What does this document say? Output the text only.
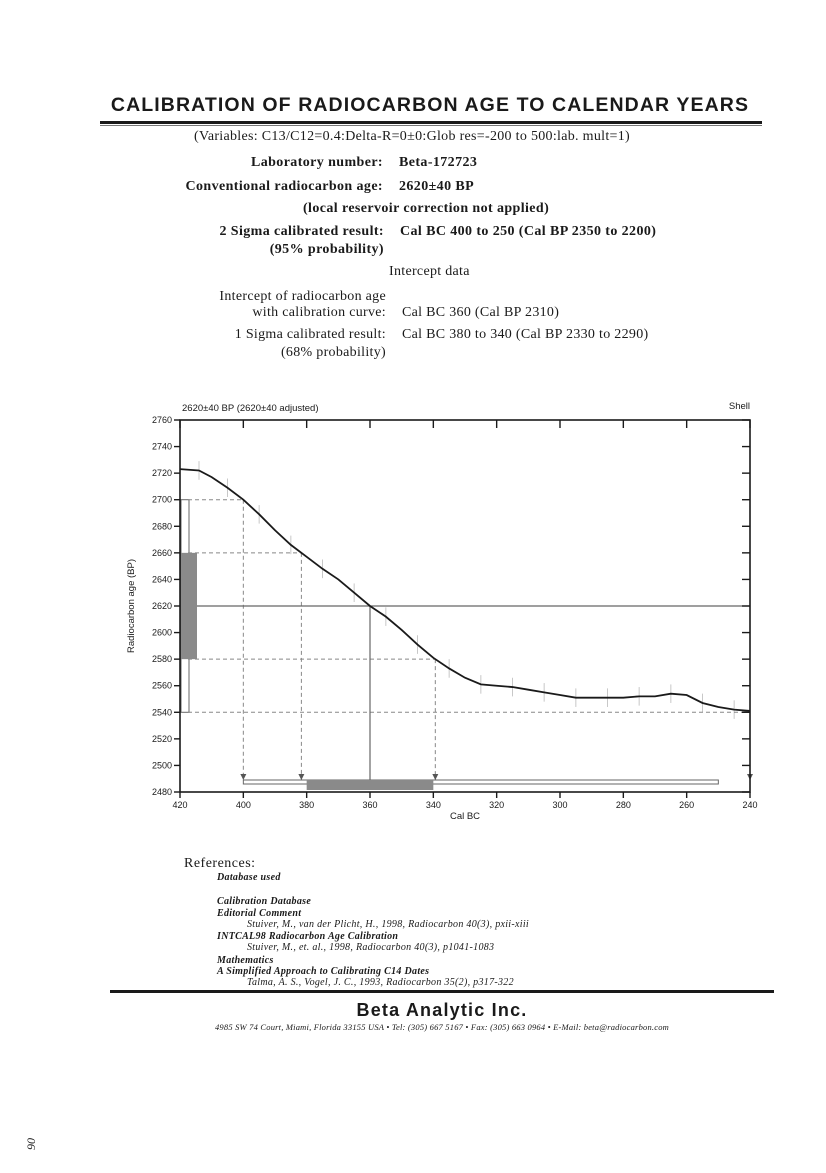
CALIBRATION OF RADIOCARBON AGE TO CALENDAR YEARS
(Variables: C13/C12=0.4:Delta-R=0±0:Glob res=-200 to 500:lab. mult=1)
Laboratory number: Beta-172723
Conventional radiocarbon age: 2620±40 BP
(local reservoir correction not applied)
2 Sigma calibrated result:
(95% probability)
Cal BC 400 to 250 (Cal BP 2350 to 2200)
Intercept data
Intercept of radiocarbon age
with calibration curve: Cal BC 360 (Cal BP 2310)
1 Sigma calibrated result:
(68% probability)
Cal BC 380 to 340 (Cal BP 2330 to 2290)
2760
2740
2720
2700
2680
2660
2640
2620
2600
2580
2560
2540
2520
2500
2480
420	400	380	360	340	320	300	280	260	240
2620±40 BP (2620±40 adjusted)	Shell
Cal BC
Radiocarbon age (BP)
References:
Database used
Calibration Database
Editorial Comment
Stuiver, M., van der Plicht, H., 1998, Radiocarbon 40(3), pxii-xiii
INTCAL98 Radiocarbon Age Calibration
Stuiver, M., et. al., 1998, Radiocarbon 40(3), p1041-1083
Mathematics
A Simplified Approach to Calibrating C14 Dates
Talma, A. S., Vogel, J. C., 1993, Radiocarbon 35(2), p317-322
Beta Analytic Inc.
4985 SW 74 Court, Miami, Florida 33155 USA • Tel: (305) 667 5167 • Fax: (305) 663 0964 • E-Mail: beta@radiocarbon.com
90
